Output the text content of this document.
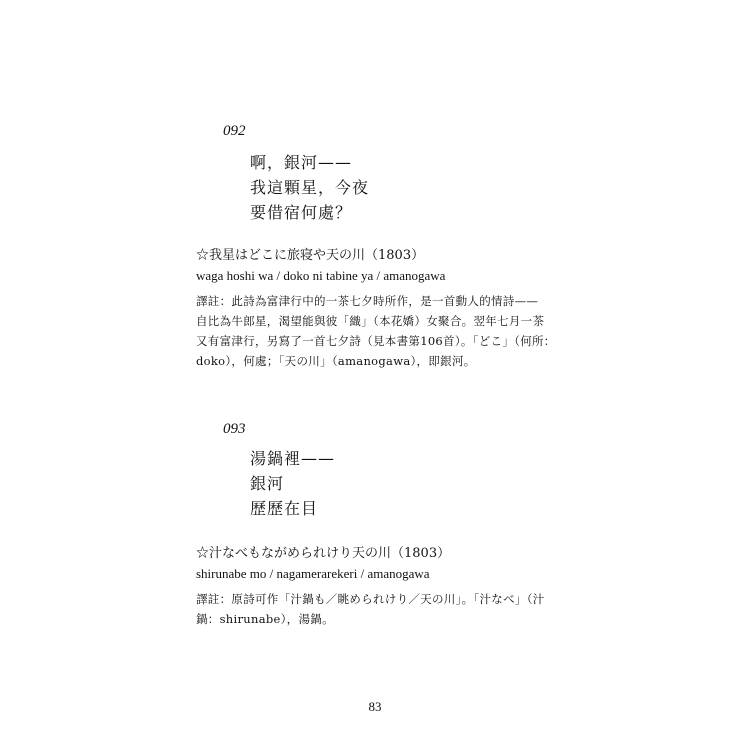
092
啊，銀河——
我這顆星，今夜
要借宿何處？
☆我星はどこに旅寝や天の川（1803）
waga hoshi wa / doko ni tabine ya / amanogawa
譯註：此詩為富津行中的一茶七夕時所作，是一首動人的情詩——
自比為牛郎星，渴望能與彼「織」（本花嬌）女聚合。翌年七月一茶
又有富津行，另寫了一首七夕詩（見本書第106首）。「どこ」（何所：
doko），何處；「天の川」（amanogawa），即銀河。
093
湯鍋裡——
銀河
歷歷在目
☆汁なべもながめられけり天の川（1803）
shirunabe mo / nagamerarekeri / amanogawa
譯註：原詩可作「汁鍋も／眺められけり／天の川」。「汁なべ」（汁
鍋：shirunabe），湯鍋。
83
